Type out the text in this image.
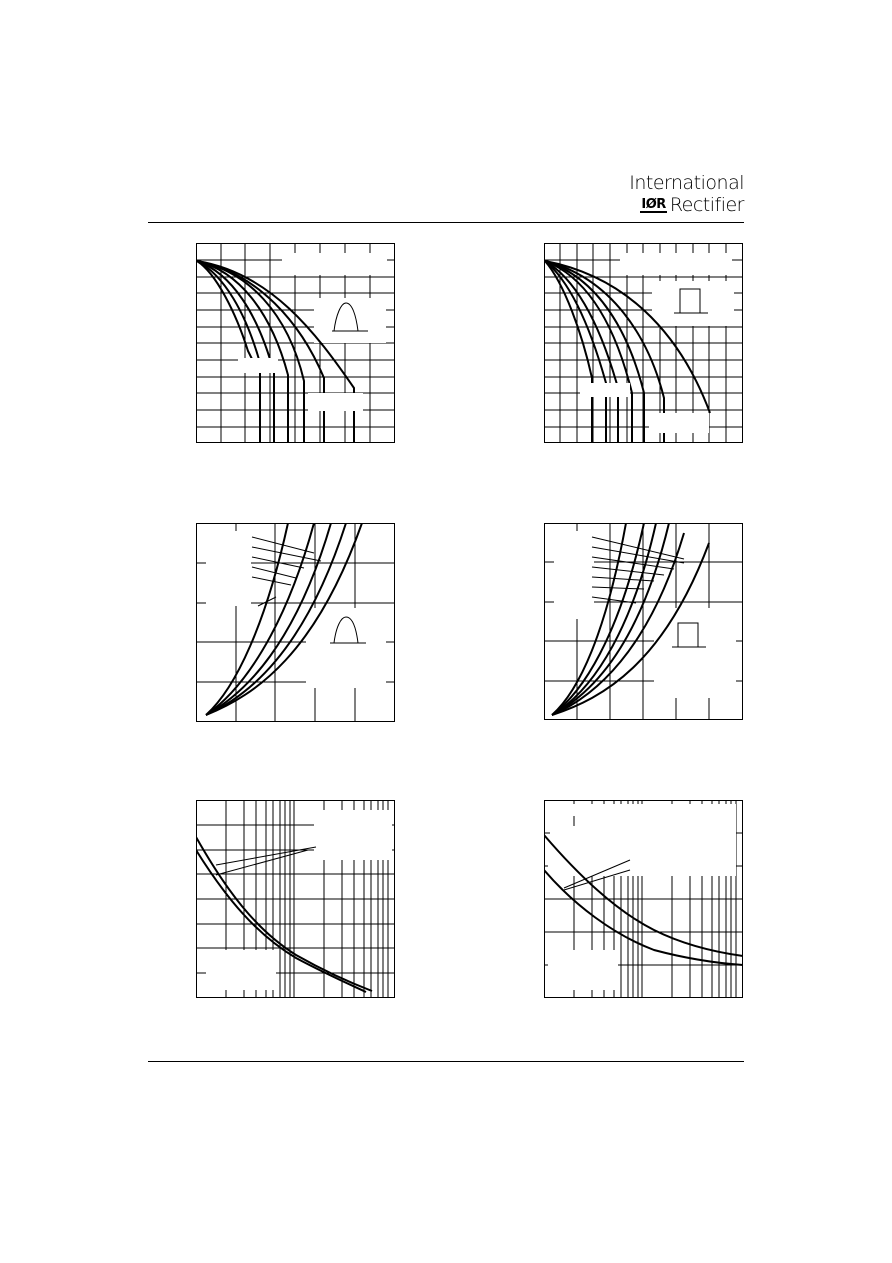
International
IØR Rectifier
